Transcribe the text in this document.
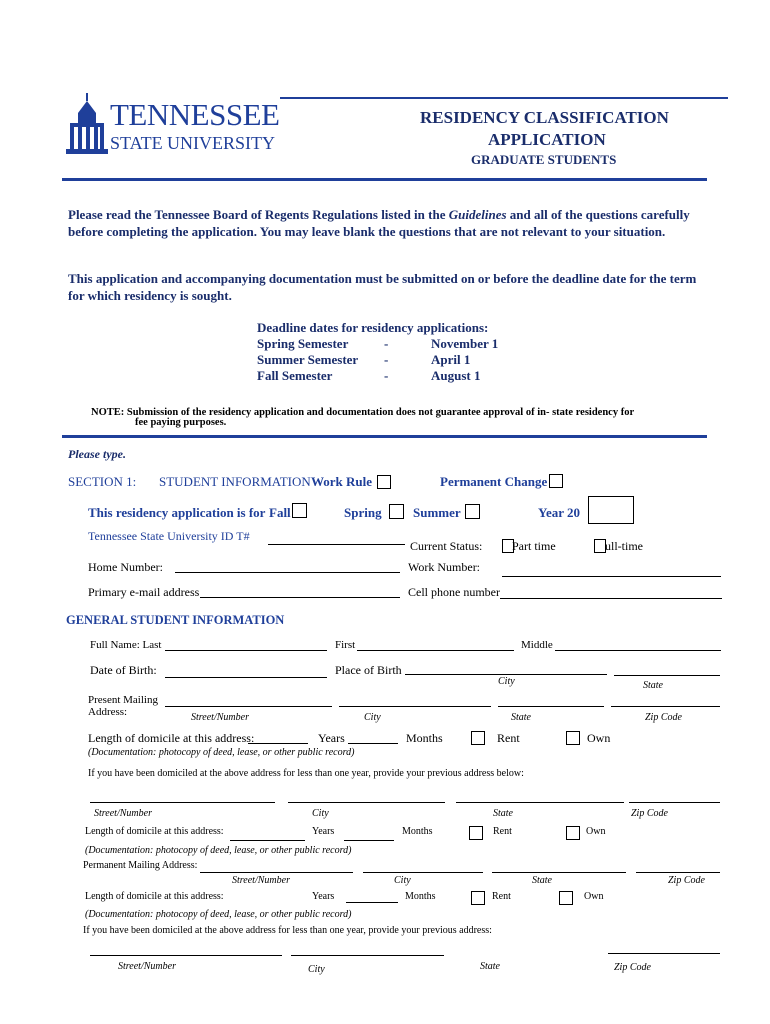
TENNESSEE
STATE UNIVERSITY
RESIDENCY CLASSIFICATION
APPLICATION
GRADUATE STUDENTS
Please read the Tennessee Board of Regents Regulations listed in the Guidelines and all of the questions carefully before completing the application. You may leave blank the questions that are not relevant to your situation.
This application and accompanying documentation must be submitted on or before the deadline date for the term for which residency is sought.
Deadline dates for residency applications:
Spring Semester	-	November 1
Summer Semester -	April 1
Fall Semester	-	August 1
NOTE: Submission of the residency application and documentation does not guarantee approval of in- state residency for
fee paying purposes.
Please type.
SECTION 1: STUDENT INFORMATION Work Rule	Permanent Change
This residency application is for Fall	Spring Summer	Year 20
Tennessee State University ID T#
Current Status: Part time	ull-time
Home Number:	Work Number:
Primary e-mail address	Cell phone number
GENERAL STUDENT INFORMATION
Full Name: Last	First	Middle
Date of Birth:	Place of Birth
City	State
Present Mailing
Address:	Street/Number	City	State	Zip Code
Length of domicile at this address:	Years	Months	Rent	Own
(Documentation: photocopy of deed, lease, or other public record)
If you have been domiciled at the above address for less than one year, provide your previous address below:
Street/Number	City	State	Zip Code
Length of domicile at this address:	Years	Months	Rent	Own
(Documentation: photocopy of deed, lease, or other public record)
Permanent Mailing Address:
Street/Number	City	State	Zip Code
Length of domicile at this address:	Years	Months	Rent	Own
(Documentation: photocopy of deed, lease, or other public record)
If you have been domiciled at the above address for less than one year, provide your previous address:
Street/Number	City	State	Zip Code
